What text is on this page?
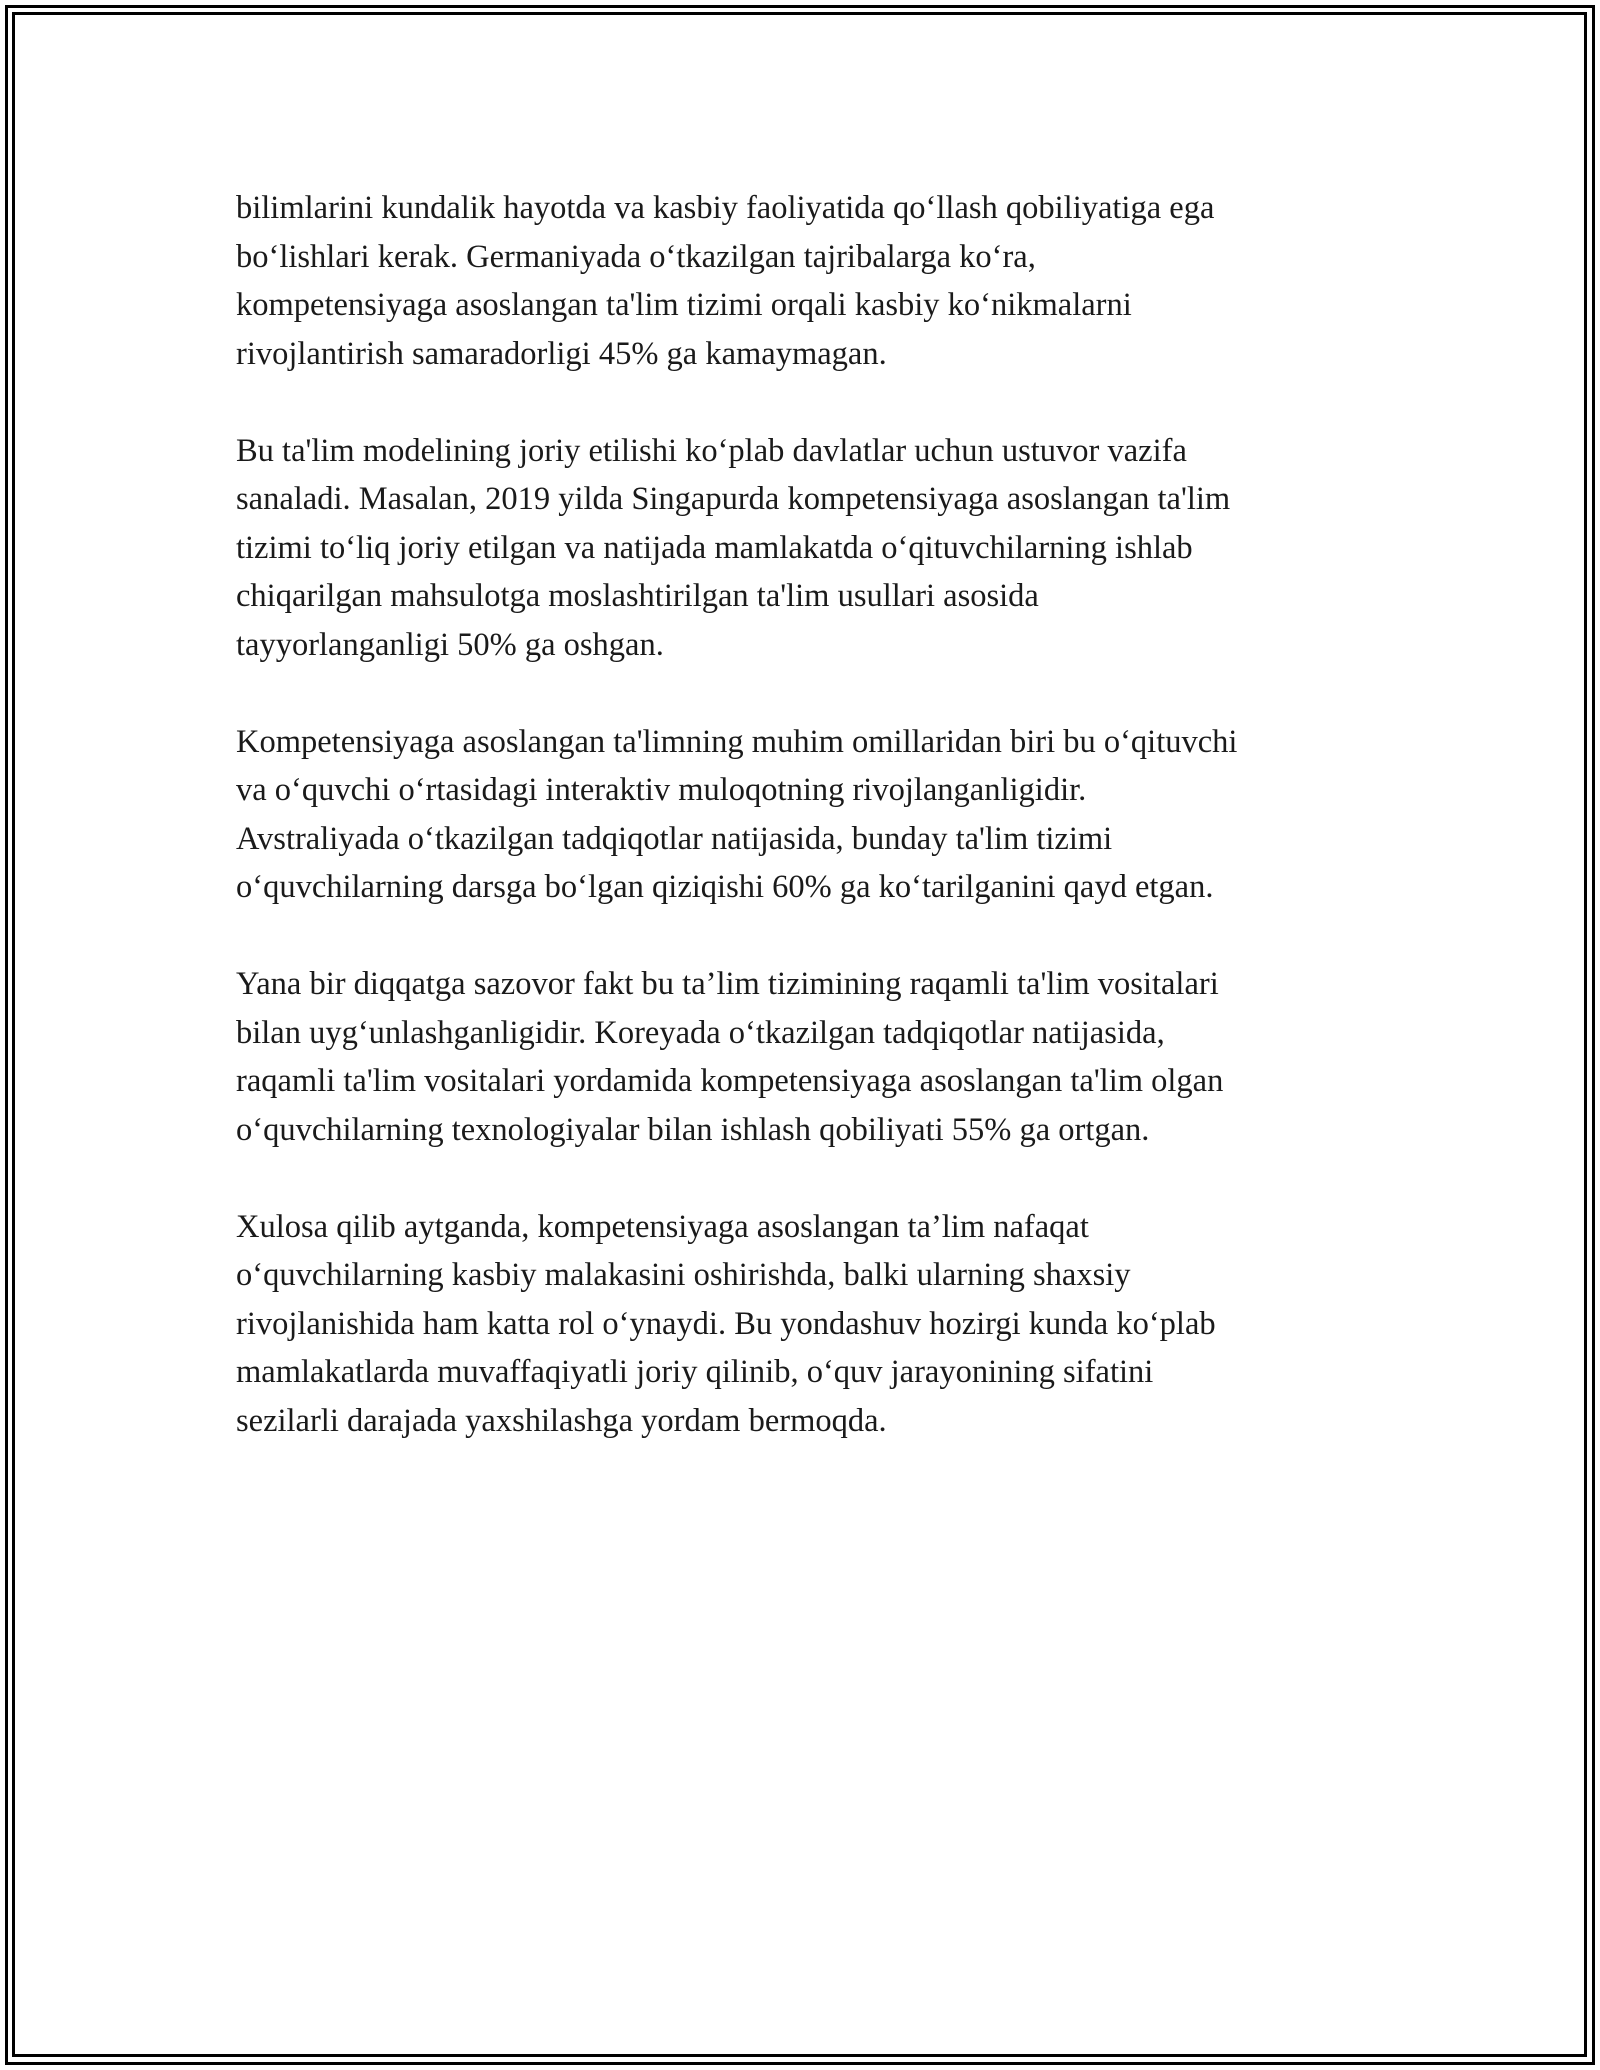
bilimlarini kundalik hayotda va kasbiy faoliyatida qo‘llash qobiliyatiga ega
bo‘lishlari kerak. Germaniyada o‘tkazilgan tajribalarga ko‘ra,
kompetensiyaga asoslangan ta'lim tizimi orqali kasbiy ko‘nikmalarni
rivojlantirish samaradorligi 45% ga kamaymagan.

Bu ta'lim modelining joriy etilishi ko‘plab davlatlar uchun ustuvor vazifa
sanaladi. Masalan, 2019 yilda Singapurda kompetensiyaga asoslangan ta'lim
tizimi to‘liq joriy etilgan va natijada mamlakatda o‘qituvchilarning ishlab
chiqarilgan mahsulotga moslashtirilgan ta'lim usullari asosida
tayyorlanganligi 50% ga oshgan.

Kompetensiyaga asoslangan ta'limning muhim omillaridan biri bu o‘qituvchi
va o‘quvchi o‘rtasidagi interaktiv muloqotning rivojlanganligidir.
Avstraliyada o‘tkazilgan tadqiqotlar natijasida, bunday ta'lim tizimi
o‘quvchilarning darsga bo‘lgan qiziqishi 60% ga ko‘tarilganini qayd etgan.

Yana bir diqqatga sazovor fakt bu ta’lim tizimining raqamli ta'lim vositalari
bilan uyg‘unlashganligidir. Koreyada o‘tkazilgan tadqiqotlar natijasida,
raqamli ta'lim vositalari yordamida kompetensiyaga asoslangan ta'lim olgan
o‘quvchilarning texnologiyalar bilan ishlash qobiliyati 55% ga ortgan.

Xulosa qilib aytganda, kompetensiyaga asoslangan ta’lim nafaqat
o‘quvchilarning kasbiy malakasini oshirishda, balki ularning shaxsiy
rivojlanishida ham katta rol o‘ynaydi. Bu yondashuv hozirgi kunda ko‘plab
mamlakatlarda muvaffaqiyatli joriy qilinib, o‘quv jarayonining sifatini
sezilarli darajada yaxshilashga yordam bermoqda.
